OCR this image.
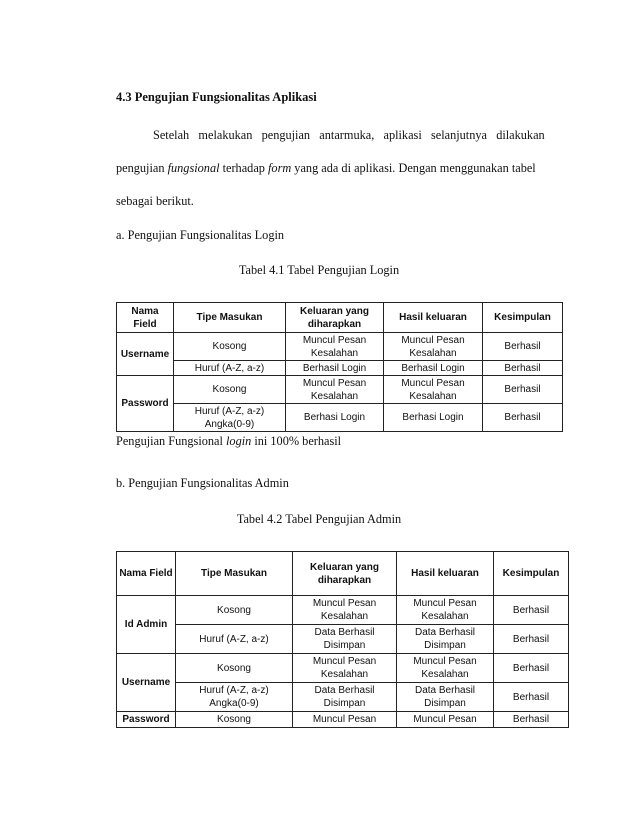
4.3 Pengujian Fungsionalitas Aplikasi
Setelah   melakukan   pengujian   antarmuka,   aplikasi   selanjutnya   dilakukan
pengujian fungsional terhadap form yang ada di aplikasi. Dengan menggunakan tabel
sebagai berikut.
a. Pengujian Fungsionalitas Login
Tabel 4.1 Tabel Pengujian Login
Nama Field	Tipe Masukan	Keluaran yang diharapkan	Hasil keluaran	Kesimpulan
Username	Kosong	Muncul Pesan Kesalahan	Muncul Pesan Kesalahan	Berhasil
	Huruf (A-Z, a-z)	Berhasil Login	Berhasil Login	Berhasil
Password	Kosong	Muncul Pesan Kesalahan	Muncul Pesan Kesalahan	Berhasil
	Huruf (A-Z, a-z) Angka(0-9)	Berhasi Login	Berhasi Login	Berhasil
Pengujian Fungsional login ini 100% berhasil
b. Pengujian Fungsionalitas Admin
Tabel 4.2 Tabel Pengujian Admin
Nama Field	Tipe Masukan	Keluaran yang diharapkan	Hasil keluaran	Kesimpulan
Id Admin	Kosong	Muncul Pesan Kesalahan	Muncul Pesan Kesalahan	Berhasil
	Huruf (A-Z, a-z)	Data Berhasil Disimpan	Data Berhasil Disimpan	Berhasil
Username	Kosong	Muncul Pesan Kesalahan	Muncul Pesan Kesalahan	Berhasil
	Huruf (A-Z, a-z) Angka(0-9)	Data Berhasil Disimpan	Data Berhasil Disimpan	Berhasil
Password	Kosong	Muncul Pesan	Muncul Pesan	Berhasil
